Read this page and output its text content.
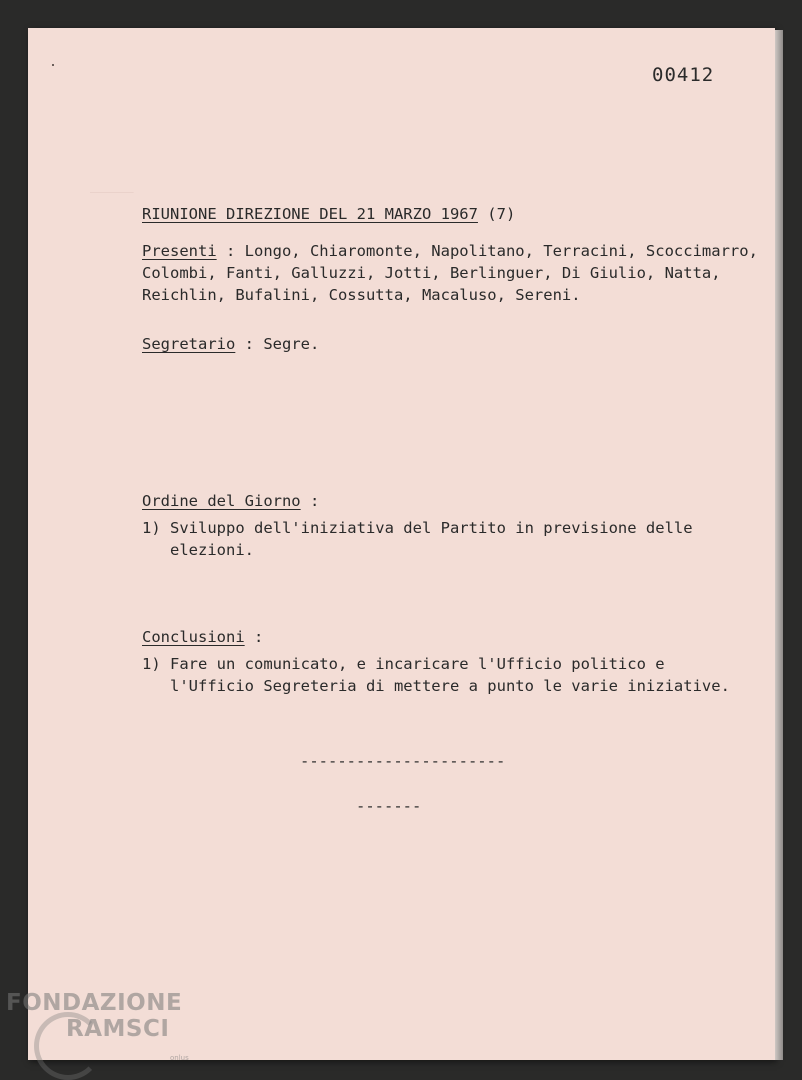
00412
RIUNIONE DIREZIONE DEL 21 MARZO 1967 (7)
Presenti : Longo, Chiaromonte, Napolitano, Terracini, Scoccimarro,
Colombi, Fanti, Galluzzi, Jotti, Berlinguer, Di Giulio, Natta,
Reichlin, Bufalini, Cossutta, Macaluso, Sereni.
Segretario : Segre.
Ordine del Giorno :
1) Sviluppo dell'iniziativa del Partito in previsione delle
elezioni.
Conclusioni :
1) Fare un comunicato, e incaricare l'Ufficio politico e
l'Ufficio Segreteria di mettere a punto le varie iniziative.
----------------------
-------
FONDAZIONE
RAMSCI
onlus
